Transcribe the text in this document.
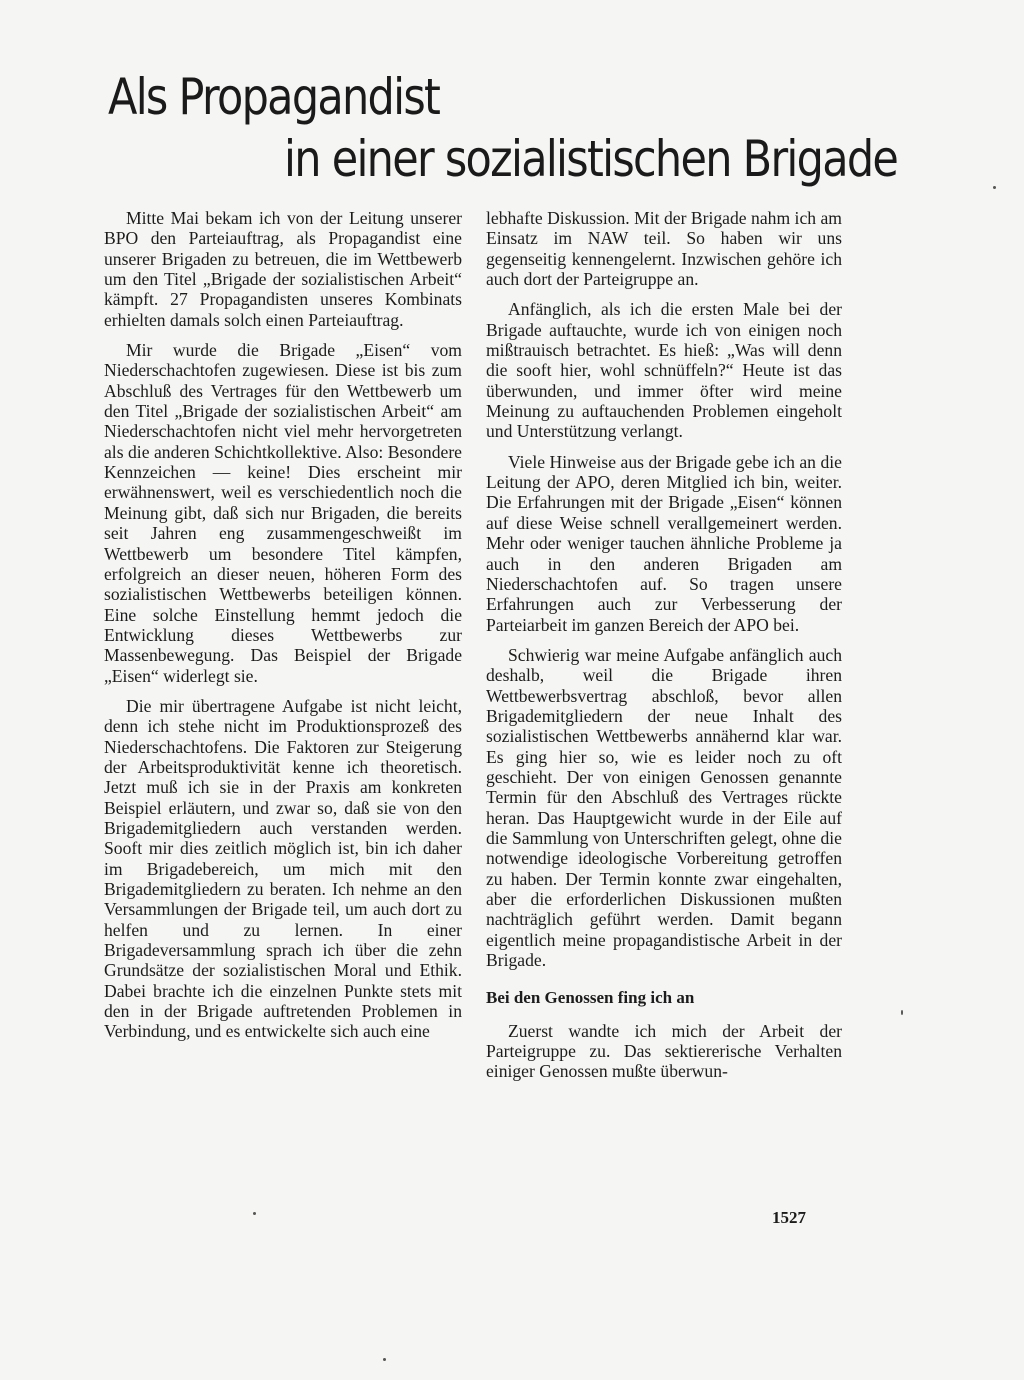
Als Propagandist
in einer sozialistischen Brigade

Mitte Mai bekam ich von der Leitung unserer BPO den Parteiauftrag, als Propagandist eine unserer Brigaden zu betreuen, die im Wettbewerb um den Titel „Brigade der sozialistischen Arbeit“ kämpft. 27 Propagandisten unseres Kombinats erhielten damals solch einen Parteiauftrag.

Mir wurde die Brigade „Eisen“ vom Niederschachtofen zugewiesen. Diese ist bis zum Abschluß des Vertrages für den Wettbewerb um den Titel „Brigade der sozialistischen Arbeit“ am Niederschachtofen nicht viel mehr hervorgetreten als die anderen Schichtkollektive. Also: Besondere Kennzeichen — keine! Dies erscheint mir erwähnenswert, weil es verschiedentlich noch die Meinung gibt, daß sich nur Brigaden, die bereits seit Jahren eng zusammengeschweißt im Wettbewerb um besondere Titel kämpfen, erfolgreich an dieser neuen, höheren Form des sozialistischen Wettbewerbs beteiligen können. Eine solche Einstellung hemmt jedoch die Entwicklung dieses Wettbewerbs zur Massenbewegung. Das Beispiel der Brigade „Eisen“ widerlegt sie.

Die mir übertragene Aufgabe ist nicht leicht, denn ich stehe nicht im Produktionsprozeß des Niederschachtofens. Die Faktoren zur Steigerung der Arbeitsproduktivität kenne ich theoretisch. Jetzt muß ich sie in der Praxis am konkreten Beispiel erläutern, und zwar so, daß sie von den Brigademitgliedern auch verstanden werden. Sooft mir dies zeitlich möglich ist, bin ich daher im Brigadebereich, um mich mit den Brigademitgliedern zu beraten. Ich nehme an den Versammlungen der Brigade teil, um auch dort zu helfen und zu lernen. In einer Brigadeversammlung sprach ich über die zehn Grundsätze der sozialistischen Moral und Ethik. Dabei brachte ich die einzelnen Punkte stets mit den in der Brigade auftretenden Problemen in Verbindung, und es entwickelte sich auch eine

lebhafte Diskussion. Mit der Brigade nahm ich am Einsatz im NAW teil. So haben wir uns gegenseitig kennengelernt. Inzwischen gehöre ich auch dort der Parteigruppe an.

Anfänglich, als ich die ersten Male bei der Brigade auftauchte, wurde ich von einigen noch mißtrauisch betrachtet. Es hieß: „Was will denn die sooft hier, wohl schnüffeln?“ Heute ist das überwunden, und immer öfter wird meine Meinung zu auftauchenden Problemen eingeholt und Unterstützung verlangt.

Viele Hinweise aus der Brigade gebe ich an die Leitung der APO, deren Mitglied ich bin, weiter. Die Erfahrungen mit der Brigade „Eisen“ können auf diese Weise schnell verallgemeinert werden. Mehr oder weniger tauchen ähnliche Probleme ja auch in den anderen Brigaden am Niederschachtofen auf. So tragen unsere Erfahrungen auch zur Verbesserung der Parteiarbeit im ganzen Bereich der APO bei.

Schwierig war meine Aufgabe anfänglich auch deshalb, weil die Brigade ihren Wettbewerbsvertrag abschloß, bevor allen Brigademitgliedern der neue Inhalt des sozialistischen Wettbewerbs annähernd klar war. Es ging hier so, wie es leider noch zu oft geschieht. Der von einigen Genossen genannte Termin für den Abschluß des Vertrages rückte heran. Das Hauptgewicht wurde in der Eile auf die Sammlung von Unterschriften gelegt, ohne die notwendige ideologische Vorbereitung getroffen zu haben. Der Termin konnte zwar eingehalten, aber die erforderlichen Diskussionen mußten nachträglich geführt werden. Damit begann eigentlich meine propagandistische Arbeit in der Brigade.

Bei den Genossen fing ich an

Zuerst wandte ich mich der Arbeit der Parteigruppe zu. Das sektiererische Verhalten einiger Genossen mußte überwun-

1527
